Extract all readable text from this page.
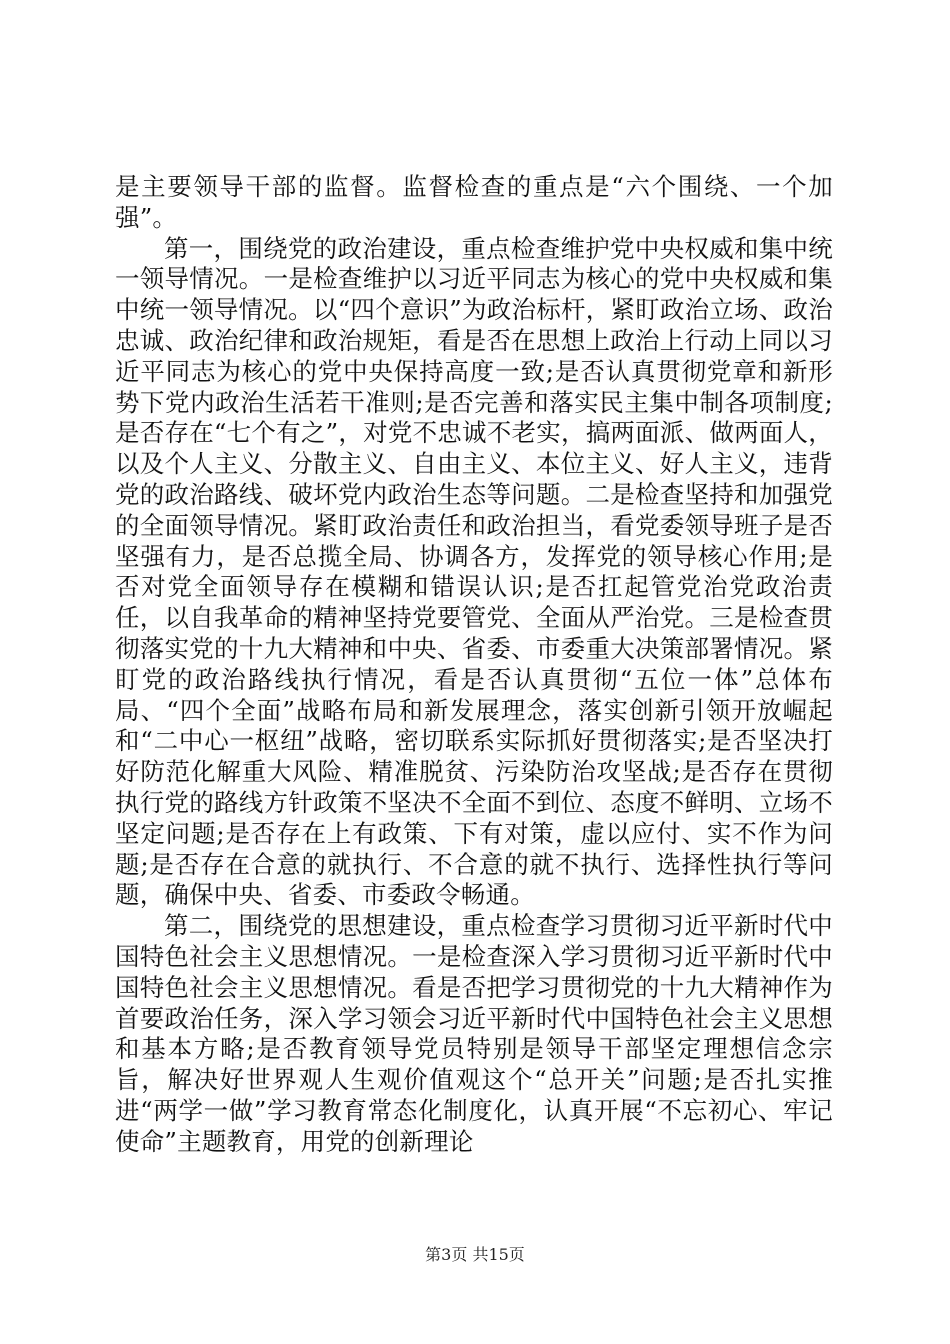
是主要领导干部的监督。监督检查的重点是“六个围绕、一个加强”。

第一，围绕党的政治建设，重点检查维护党中央权威和集中统一领导情况。一是检查维护以习近平同志为核心的党中央权威和集中统一领导情况。以“四个意识”为政治标杆，紧盯政治立场、政治忠诚、政治纪律和政治规矩，看是否在思想上政治上行动上同以习近平同志为核心的党中央保持高度一致;是否认真贯彻党章和新形势下党内政治生活若干准则;是否完善和落实民主集中制各项制度;是否存在“七个有之”，对党不忠诚不老实，搞两面派、做两面人，以及个人主义、分散主义、自由主义、本位主义、好人主义，违背党的政治路线、破坏党内政治生态等问题。二是检查坚持和加强党的全面领导情况。紧盯政治责任和政治担当，看党委领导班子是否坚强有力，是否总揽全局、协调各方，发挥党的领导核心作用;是否对党全面领导存在模糊和错误认识;是否扛起管党治党政治责任，以自我革命的精神坚持党要管党、全面从严治党。三是检查贯彻落实党的十九大精神和中央、省委、市委重大决策部署情况。紧盯党的政治路线执行情况，看是否认真贯彻“五位一体”总体布局、“四个全面”战略布局和新发展理念，落实创新引领开放崛起和“二中心一枢纽”战略，密切联系实际抓好贯彻落实;是否坚决打好防范化解重大风险、精准脱贫、污染防治攻坚战;是否存在贯彻执行党的路线方针政策不坚决不全面不到位、态度不鲜明、立场不坚定问题;是否存在上有政策、下有对策，虚以应付、实不作为问题;是否存在合意的就执行、不合意的就不执行、选择性执行等问题，确保中央、省委、市委政令畅通。

第二，围绕党的思想建设，重点检查学习贯彻习近平新时代中国特色社会主义思想情况。一是检查深入学习贯彻习近平新时代中国特色社会主义思想情况。看是否把学习贯彻党的十九大精神作为首要政治任务，深入学习领会习近平新时代中国特色社会主义思想和基本方略;是否教育领导党员特别是领导干部坚定理想信念宗旨，解决好世界观人生观价值观这个“总开关”问题;是否扎实推进“两学一做”学习教育常态化制度化，认真开展“不忘初心、牢记使命”主题教育，用党的创新理论

第3页 共15页
